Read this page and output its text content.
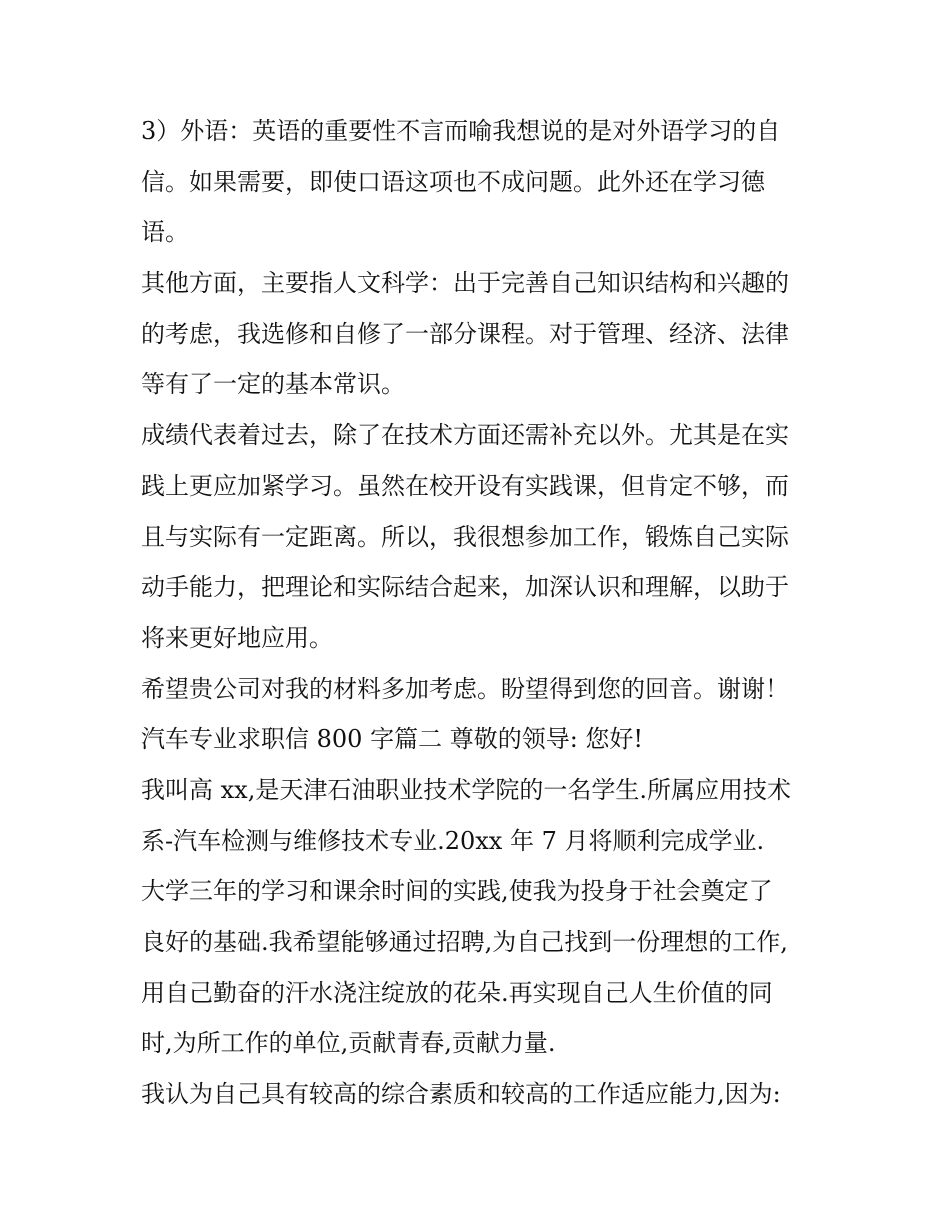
3）外语：英语的重要性不言而喻我想说的是对外语学习的自
信。如果需要，即使口语这项也不成问题。此外还在学习德
语。
其他方面，主要指人文科学：出于完善自己知识结构和兴趣的
的考虑，我选修和自修了一部分课程。对于管理、经济、法律
等有了一定的基本常识。
成绩代表着过去，除了在技术方面还需补充以外。尤其是在实
践上更应加紧学习。虽然在校开设有实践课，但肯定不够，而
且与实际有一定距离。所以，我很想参加工作，锻炼自己实际
动手能力，把理论和实际结合起来，加深认识和理解，以助于
将来更好地应用。
希望贵公司对我的材料多加考虑。盼望得到您的回音。谢谢！
汽车专业求职信 800 字篇二 尊敬的领导: 您好!
我叫高 xx,是天津石油职业技术学院的一名学生.所属应用技术
系-汽车检测与维修技术专业.20xx 年 7 月将顺利完成学业.
大学三年的学习和课余时间的实践,使我为投身于社会奠定了
良好的基础.我希望能够通过招聘,为自己找到一份理想的工作,
用自己勤奋的汗水浇注绽放的花朵.再实现自己人生价值的同
时,为所工作的单位,贡献青春,贡献力量.
我认为自己具有较高的综合素质和较高的工作适应能力,因为:
